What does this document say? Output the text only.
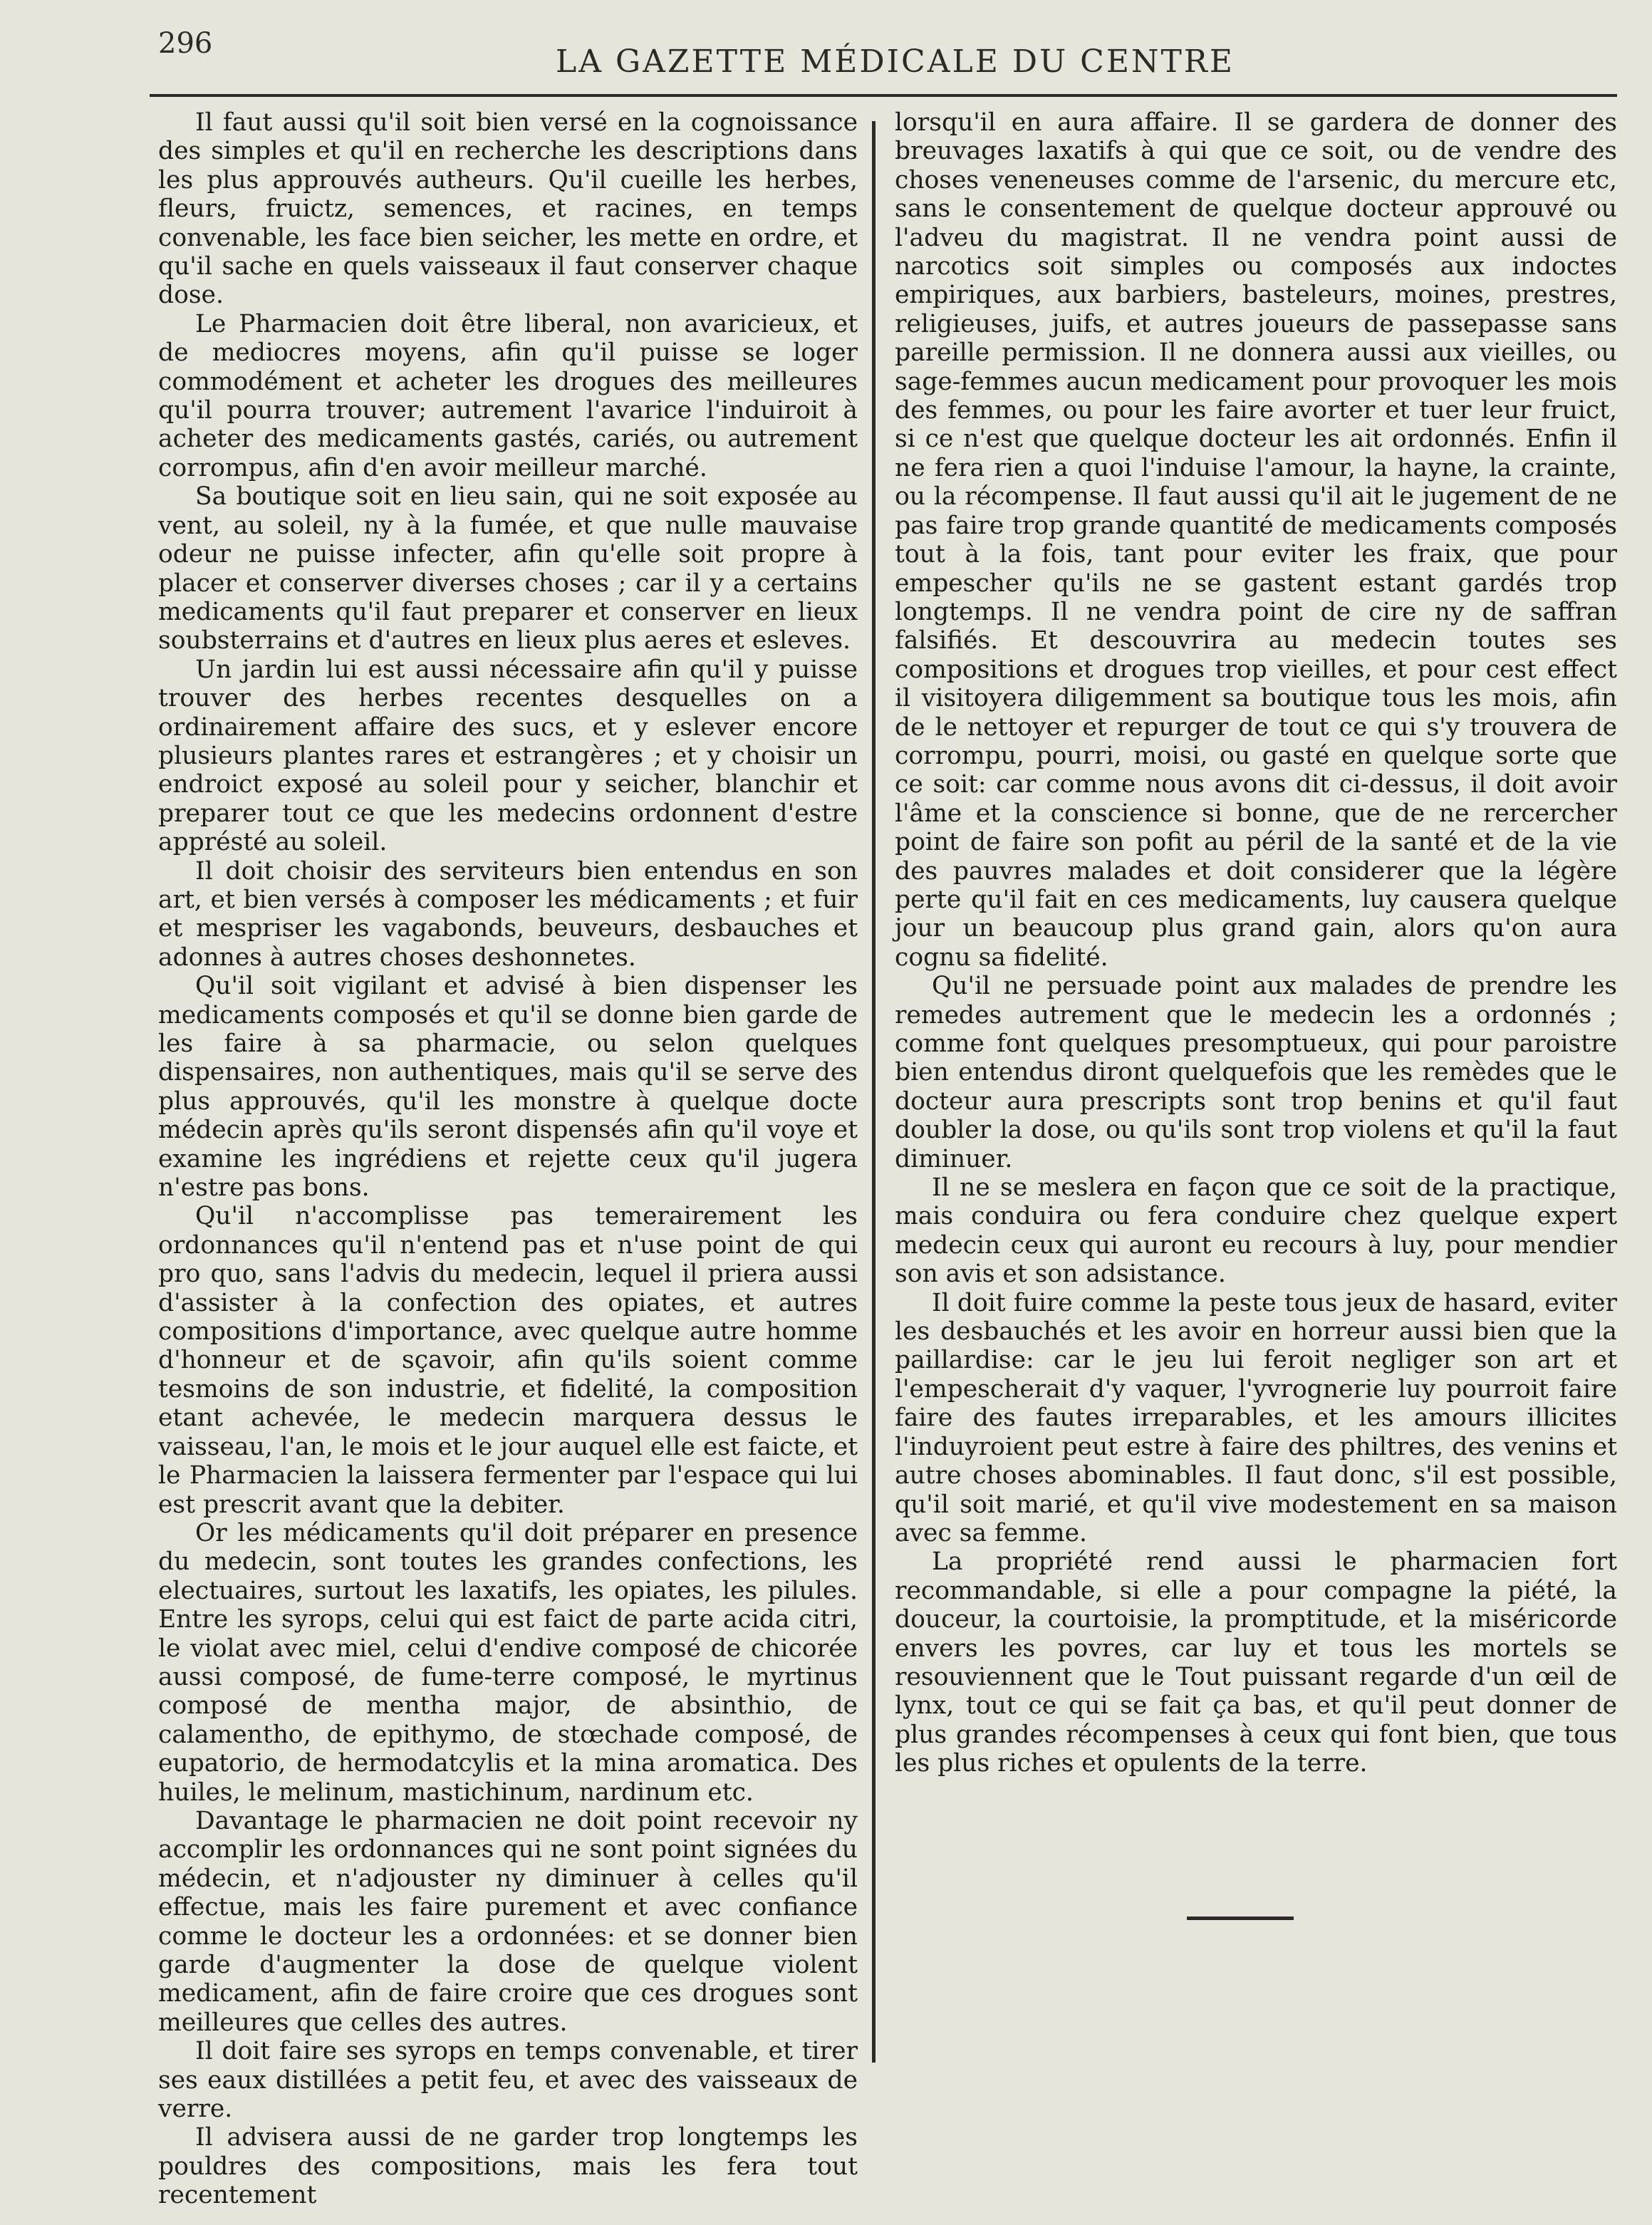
296	LA GAZETTE MÉDICALE DU CENTRE

Il faut aussi qu'il soit bien versé en la cognoissance des simples et qu'il en recherche les descriptions dans les plus approuvés autheurs. Qu'il cueille les herbes, fleurs, fruictz, semences, et racines, en temps convenable, les face bien seicher, les mette en ordre, et qu'il sache en quels vaisseaux il faut conserver chaque dose.

Le Pharmacien doit être liberal, non avaricieux, et de mediocres moyens, afin qu'il puisse se loger commodément et acheter les drogues des meilleures qu'il pourra trouver; autrement l'avarice l'induiroit à acheter des medicaments gastés, cariés, ou autrement corrompus, afin d'en avoir meilleur marché.

Sa boutique soit en lieu sain, qui ne soit exposée au vent, au soleil, ny à la fumée, et que nulle mauvaise odeur ne puisse infecter, afin qu'elle soit propre à placer et conserver diverses choses ; car il y a certains medicaments qu'il faut preparer et conserver en lieux soubsterrains et d'autres en lieux plus aeres et esleves.

Un jardin lui est aussi nécessaire afin qu'il y puisse trouver des herbes recentes desquelles on a ordinairement affaire des sucs, et y eslever encore plusieurs plantes rares et estrangères ; et y choisir un endroict exposé au soleil pour y seicher, blanchir et preparer tout ce que les medecins ordonnent d'estre apprésté au soleil.

Il doit choisir des serviteurs bien entendus en son art, et bien versés à composer les médicaments ; et fuir et mespriser les vagabonds, beuveurs, desbauches et adonnes à autres choses deshonnetes.

Qu'il soit vigilant et advisé à bien dispenser les medicaments composés et qu'il se donne bien garde de les faire à sa pharmacie, ou selon quelques dispensaires, non authentiques, mais qu'il se serve des plus approuvés, qu'il les monstre à quelque docte médecin après qu'ils seront dispensés afin qu'il voye et examine les ingrédiens et rejette ceux qu'il jugera n'estre pas bons.

Qu'il n'accomplisse pas temerairement les ordonnances qu'il n'entend pas et n'use point de qui pro quo, sans l'advis du medecin, lequel il priera aussi d'assister à la confection des opiates, et autres compositions d'importance, avec quelque autre homme d'honneur et de sçavoir, afin qu'ils soient comme tesmoins de son industrie, et fidelité, la composition etant achevée, le medecin marquera dessus le vaisseau, l'an, le mois et le jour auquel elle est faicte, et le Pharmacien la laissera fermenter par l'espace qui lui est prescrit avant que la debiter.

Or les médicaments qu'il doit préparer en presence du medecin, sont toutes les grandes confections, les electuaires, surtout les laxatifs, les opiates, les pilules. Entre les syrops, celui qui est faict de parte acida citri, le violat avec miel, celui d'endive composé de chicorée aussi composé, de fume-terre composé, le myrtinus composé de mentha major, de absinthio, de calamentho, de epithymo, de stœchade composé, de eupatorio, de hermodatcylis et la mina aromatica. Des huiles, le melinum, mastichinum, nardinum etc.

Davantage le pharmacien ne doit point recevoir ny accomplir les ordonnances qui ne sont point signées du médecin, et n'adjouster ny diminuer à celles qu'il effectue, mais les faire purement et avec confiance comme le docteur les a ordonnées: et se donner bien garde d'augmenter la dose de quelque violent medicament, afin de faire croire que ces drogues sont meilleures que celles des autres.

Il doit faire ses syrops en temps convenable, et tirer ses eaux distillées a petit feu, et avec des vaisseaux de verre.

Il advisera aussi de ne garder trop longtemps les pouldres des compositions, mais les fera tout recentement

lorsqu'il en aura affaire. Il se gardera de donner des breuvages laxatifs à qui que ce soit, ou de vendre des choses veneneuses comme de l'arsenic, du mercure etc, sans le consentement de quelque docteur approuvé ou l'adveu du magistrat. Il ne vendra point aussi de narcotics soit simples ou composés aux indoctes empiriques, aux barbiers, basteleurs, moines, prestres, religieuses, juifs, et autres joueurs de passepasse sans pareille permission. Il ne donnera aussi aux vieilles, ou sage-femmes aucun medicament pour provoquer les mois des femmes, ou pour les faire avorter et tuer leur fruict, si ce n'est que quelque docteur les ait ordonnés. Enfin il ne fera rien a quoi l'induise l'amour, la hayne, la crainte, ou la récompense. Il faut aussi qu'il ait le jugement de ne pas faire trop grande quantité de medicaments composés tout à la fois, tant pour eviter les fraix, que pour empescher qu'ils ne se gastent estant gardés trop longtemps. Il ne vendra point de cire ny de saffran falsifiés. Et descouvrira au medecin toutes ses compositions et drogues trop vieilles, et pour cest effect il visitoyera diligemment sa boutique tous les mois, afin de le nettoyer et repurger de tout ce qui s'y trouvera de corrompu, pourri, moisi, ou gasté en quelque sorte que ce soit: car comme nous avons dit ci-dessus, il doit avoir l'âme et la conscience si bonne, que de ne rercercher point de faire son pofit au péril de la santé et de la vie des pauvres malades et doit considerer que la légère perte qu'il fait en ces medicaments, luy causera quelque jour un beaucoup plus grand gain, alors qu'on aura cognu sa fidelité.

Qu'il ne persuade point aux malades de prendre les remedes autrement que le medecin les a ordonnés ; comme font quelques presomptueux, qui pour paroistre bien entendus diront quelquefois que les remèdes que le docteur aura prescripts sont trop benins et qu'il faut doubler la dose, ou qu'ils sont trop violens et qu'il la faut diminuer.

Il ne se meslera en façon que ce soit de la practique, mais conduira ou fera conduire chez quelque expert medecin ceux qui auront eu recours à luy, pour mendier son avis et son adsistance.

Il doit fuire comme la peste tous jeux de hasard, eviter les desbauchés et les avoir en horreur aussi bien que la paillardise: car le jeu lui feroit negliger son art et l'empescherait d'y vaquer, l'yvrognerie luy pourroit faire faire des fautes irreparables, et les amours illicites l'induyroient peut estre à faire des philtres, des venins et autre choses abominables. Il faut donc, s'il est possible, qu'il soit marié, et qu'il vive modestement en sa maison avec sa femme.

La propriété rend aussi le pharmacien fort recommandable, si elle a pour compagne la piété, la douceur, la courtoisie, la promptitude, et la miséricorde envers les povres, car luy et tous les mortels se resouviennent que le Tout puissant regarde d'un œil de lynx, tout ce qui se fait ça bas, et qu'il peut donner de plus grandes récompenses à ceux qui font bien, que tous les plus riches et opulents de la terre.
